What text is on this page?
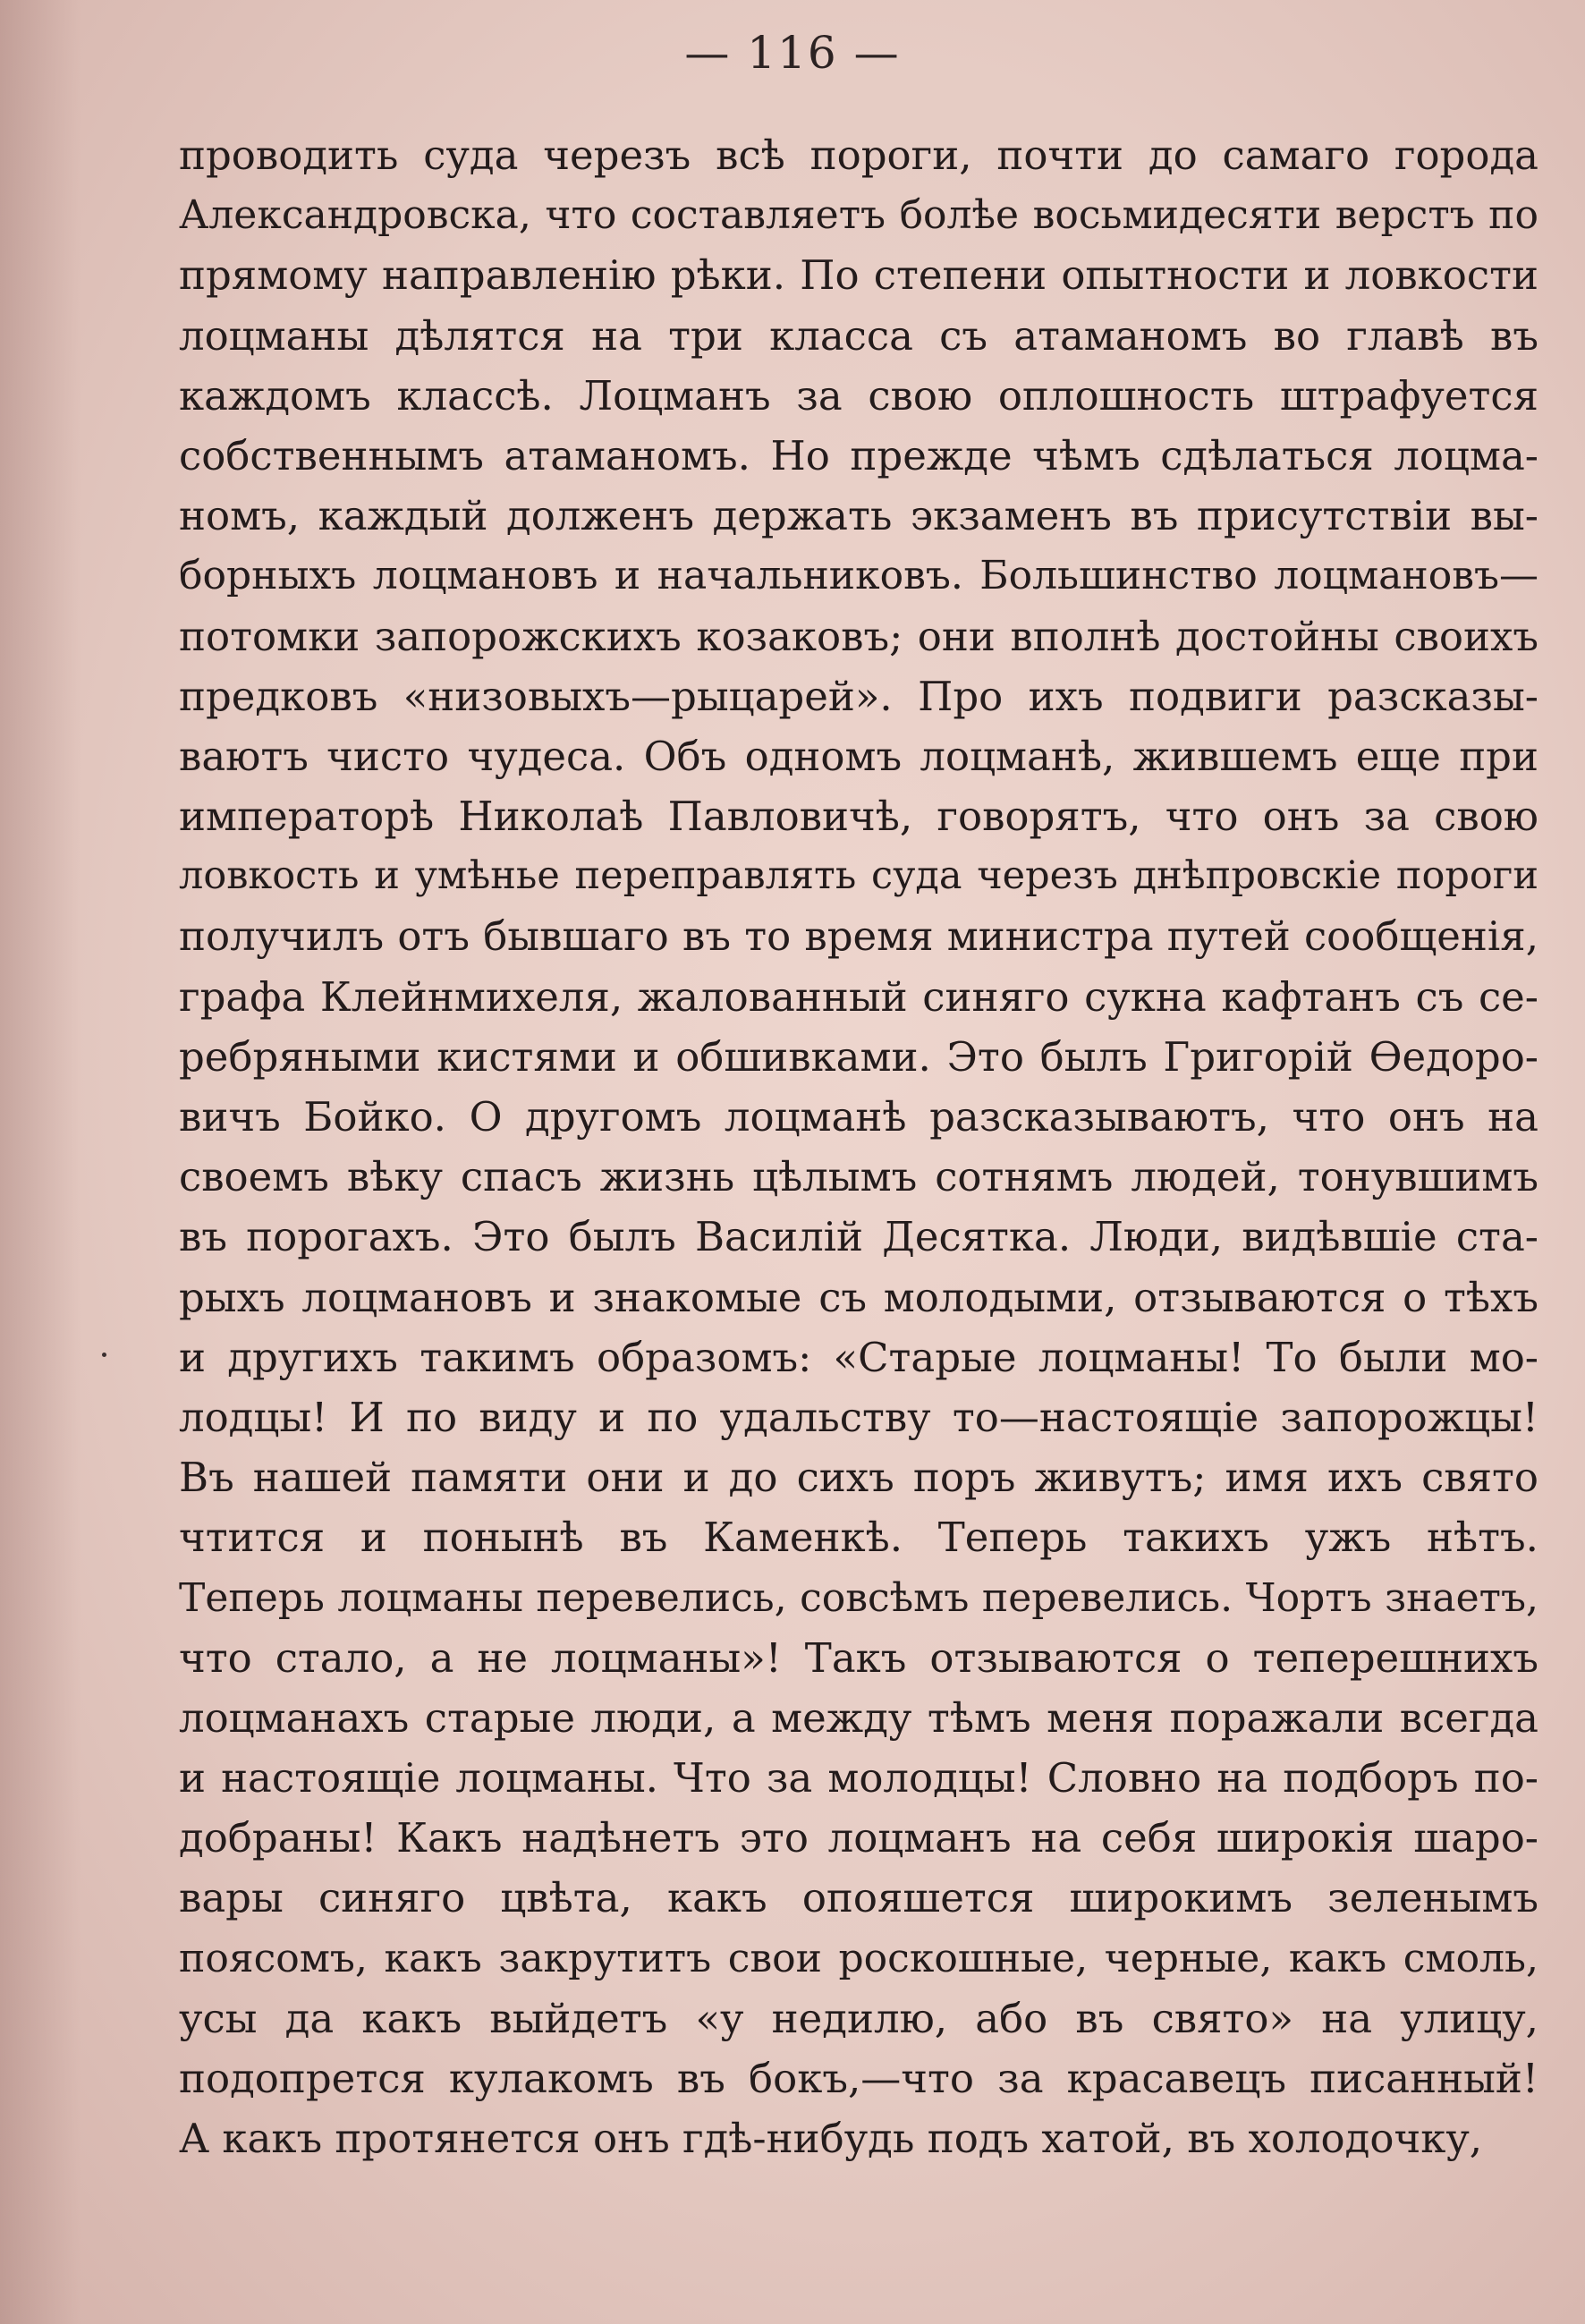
— 116 —
проводить суда черезъ всѣ пороги, почти до самаго города
Александровска, что составляетъ болѣе восьмидесяти верстъ по
прямому направленію рѣки. По степени опытности и ловкости
лоцманы дѣлятся на три класса съ атаманомъ во главѣ въ
каждомъ классѣ. Лоцманъ за свою оплошность штрафуется
собственнымъ атаманомъ. Но прежде чѣмъ сдѣлаться лоцма-
номъ, каждый долженъ держать экзаменъ въ присутствіи вы-
борныхъ лоцмановъ и начальниковъ. Большинство лоцмановъ—
потомки запорожскихъ козаковъ; они вполнѣ достойны своихъ
предковъ «низовыхъ—рыцарей». Про ихъ подвиги разсказы-
ваютъ чисто чудеса. Объ одномъ лоцманѣ, жившемъ еще при
императорѣ Николаѣ Павловичѣ, говорятъ, что онъ за свою
ловкость и умѣнье переправлять суда черезъ днѣпровскіе пороги
получилъ отъ бывшаго въ то время министра путей сообщенія,
графа Клейнмихеля, жалованный синяго сукна кафтанъ съ се-
ребряными кистями и обшивками. Это былъ Григорій Ѳедоро-
вичъ Бойко. О другомъ лоцманѣ разсказываютъ, что онъ на
своемъ вѣку спасъ жизнь цѣлымъ сотнямъ людей, тонувшимъ
въ порогахъ. Это былъ Василій Десятка. Люди, видѣвшіе ста-
рыхъ лоцмановъ и знакомые съ молодыми, отзываются о тѣхъ
и другихъ такимъ образомъ: «Старые лоцманы! То были мо-
лодцы! И по виду и по удальству то—настоящіе запорожцы!
Въ нашей памяти они и до сихъ поръ живутъ; имя ихъ свято
чтится и понынѣ въ Каменкѣ. Теперь такихъ ужъ нѣтъ.
Теперь лоцманы перевелись, совсѣмъ перевелись. Чортъ знаетъ,
что стало, а не лоцманы»! Такъ отзываются о теперешнихъ
лоцманахъ старые люди, а между тѣмъ меня поражали всегда
и настоящіе лоцманы. Что за молодцы! Словно на подборъ по-
добраны! Какъ надѣнетъ это лоцманъ на себя широкія шаро-
вары синяго цвѣта, какъ опояшется широкимъ зеленымъ
поясомъ, какъ закрутитъ свои роскошные, черные, какъ смоль,
усы да какъ выйдетъ «у недилю, або въ свято» на улицу,
подопрется кулакомъ въ бокъ,—что за красавецъ писанный!
А какъ протянется онъ гдѣ-нибудь подъ хатой, въ холодочку,
